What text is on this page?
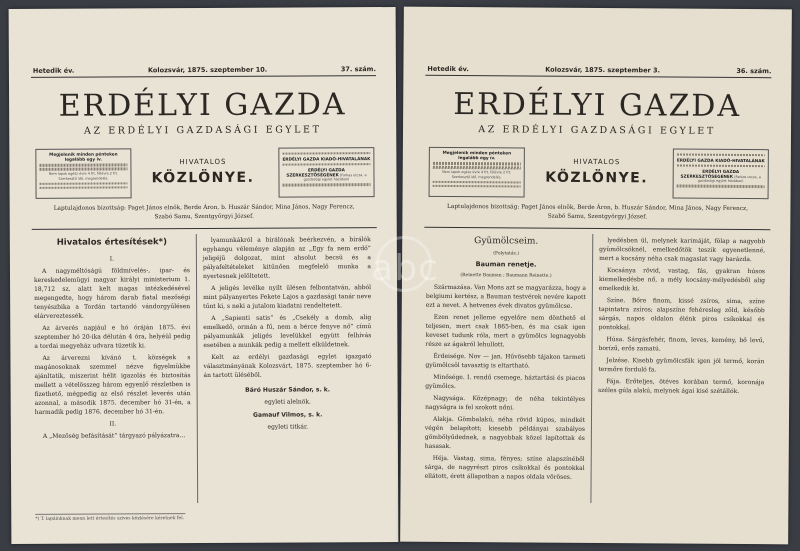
Hetedik év.	Kolozsvár, 1875. szeptember 10.	37. szám.
ERDÉLYI GAZDA
AZ ERDÉLYI GAZDASÁGI EGYLET
Megjelenik minden pénteken legalább egy ív.
Nem lapok egész évre 4 frt, félévre 2 frt. Szerkesztő idő, megrendelés.
HIVATALOS
KÖZLÖNYE.
ERDÉLYI GAZDA KIADÓ-HIVATALÁNAK
ERDÉLYI GAZDA SZERKESZTŐSÉGÉNEK (Farkas utcza, a gazdasági egylet házában)
Laptulajdonos bizottság: Paget János elnök, Berde Áron, b. Huszár Sándor, Mina János, Nagy Ferencz,
Szabó Samu, Szentgyörgyi József.

Hivatalos értesítések*)

I.

A nagyméltóságú földmívelés-, ipar- és kereskedelemügyi magyar királyi ministerium 1. 18,712 sz. alatt kelt magas intézkedésével megengedte, hogy három darab fiatal mezőségi tenyészbika a Tordán tartandó vándorgyűlésen elárvereztessék.

Az árverés napjául e hó óráján 1875. évi szeptember hó 20-ika délután 4 óra, helyéül pedig a tordai megyeház udvara tüzetik ki.

Az árverezni kívánó t. községek s magánosoknak szemmel nézve figyelmükbe ajánltatik, miszerint hélit igazolás és biztosítás mellett a vételösszeg három egyenlő részletben is fizethető, mégpedig az első részlet leverés után azonnal, a második 1875. december hó 31-én, a harmadik pedig 1876. december hó 31-én.

II.

A „Mezőség befásítását” tárgyazó pályázatra...

*) T. lapáinknak menn lett értesítés szives közlésére kéretnek fel.

lyamunkákról a birálónak beérkezvén, a bírálók egyhangu véleménye alapján az „Egy fa nem erdő” jeligéjű dolgozat, mint ahsolut becsü és a pályafeltételeket kitűnően megfelelő munka a nyertesnek jelöltetett.

A jeligés levélke nyílt ülésen felbontatván, abból mint pályanyertes Fekete Lajos a gazdasági tanár neve tűnt ki, s neki a jutalom kiadatni rendeltetett.

A „Sapienti satis” és „Csekély a domb, alig emelkedő, ormán a fű, nem a bérce fenyve nő” című pályamunkák jeligés levelükkel együtt felhívás esetében a munkák pedig a mellett elküldetnek.

Kelt az erdélyi gazdasági egylet igazgató választmányának Kolozsvárt, 1875. szeptember hó 6-án tartott üléséből.

Báró Huszár Sándor, s. k.

egyleti alelnök.

Gamauf Vilmos, s. k.

egyleti titkár.

Hetedik év.	Kolozsvár, 1875. szeptember 3.	36. szám.
ERDÉLYI GAZDA
AZ ERDÉLYI GAZDASÁGI EGYLET
Megjelenik minden pénteken legalább egy ív.
Nem lapok egész évre 4 frt, félévre 2 frt. Szerkesztő idő, megrendelés.
HIVATALOS
KÖZLÖNYE.
ERDÉLYI GAZDA KIADÓ-HIVATALÁNAK
ERDÉLYI GAZDA SZERKESZTŐSÉGÉNEK (Farkas utcza, a gazdasági egylet házában)
Laptulajdonos bizottság: Paget János elnök, Berde Áron, b. Huszár Sándor, Mina János, Nagy Ferencz,
Szabó Samu, Szentgyörgyi József.

Gyümölcseim.

(Folytatás.)

Bauman renetje.

(Reinette Bauman ; Baumann Reinette.)

Származása. Van Mons azt se magyarázza, hogy a belgiumi kertész, a Bauman testvérek nevére kapott ezt a nevet. A hetvenes évek divatos gyümölcse.

Ezen renet jelleme egyelőre nem dönthető el teljesen, mert csak 1865-ben, és ma csak igen keveset tudunk róla, mert a gyümölcs legnagyobb része az ágakról lehullott.

Érdeisége. Nov — jan. Hűvösebb tájakon tarmeti gyümölcsöl tavasztig is eltartható.

Minősége. I. rendű csemege, háztartási és piacos gyümölcs.

Nagysága. Középnagy; de néha tekintélyes nagyságra is fel szokott nőni.

Alakja. Gömbalakú, néha rövid kúpos, mindkét végén belapított; kiesebb példányai szabályos gömbölyűdednek, a nagyobbak közel lapítottak és hasasak.

Héja. Vastag, sima, fényes; színe alapszínéből sárga, de nagyrészt piros csíkokkal és pontokkal ellátott, érett állapotban a napos oldala vöröses.

lyedésben ül, melynek karimáját, fölap a nagyobb gyümölcsöknél, emelkedőtök teszik egyenetlenné, mert a kocsány néha csak magaslat vagy barázda.

Kocsánya rövid, vastag, fás, gyakran húsos kiemelkedésbe nő, a mély kocsány-mélyedésből alig emelkedik ki.

Színe. Bőre finom, kissé zsíros, sima, színe tapintatra zsíros; alapszíne fehéresleg zöld, később sárgás, napos oldalon élénk piros csíkokkal és pontokkal.

Húsa. Sárgásfehér, finom, leves, kemény, bő levű, borízű, erős zamatú.

Jelzése. Kisebb gyümölcsfák igen jól termő, korán termőre forduló fa.

Fája. Erőteljes, ötéves korában termő, koronája széles gúla alakú, melynek ágai kisé szétállók.

abc
